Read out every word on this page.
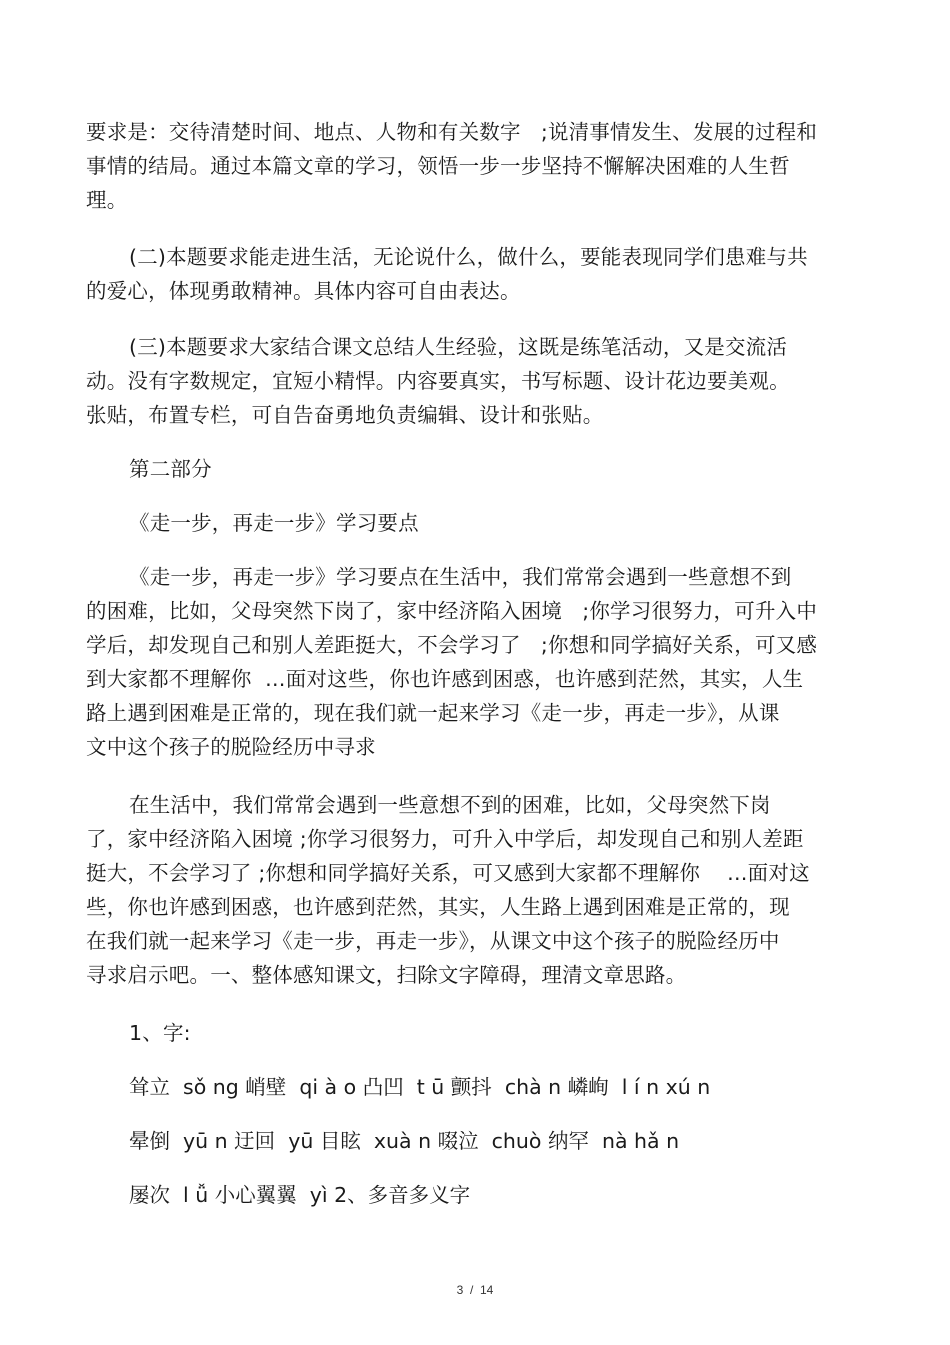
要求是：交待清楚时间、地点、人物和有关数字   ;说清事情发生、发展的过程和
事情的结局。通过本篇文章的学习，领悟一步一步坚持不懈解决困难的人生哲
理。
(二)本题要求能走进生活，无论说什么，做什么，要能表现同学们患难与共
的爱心，体现勇敢精神。具体内容可自由表达。
(三)本题要求大家结合课文总结人生经验，这既是练笔活动，又是交流活
动。没有字数规定，宜短小精悍。内容要真实，书写标题、设计花边要美观。
张贴，布置专栏，可自告奋勇地负责编辑、设计和张贴。
第二部分
《走一步，再走一步》学习要点
《走一步，再走一步》学习要点在生活中，我们常常会遇到一些意想不到
的困难，比如，父母突然下岗了，家中经济陷入困境   ;你学习很努力，可升入中
学后，却发现自己和别人差距挺大，不会学习了   ;你想和同学搞好关系，可又感
到大家都不理解你  …面对这些，你也许感到困惑，也许感到茫然，其实，人生
路上遇到困难是正常的，现在我们就一起来学习《走一步，再走一步》，从课
文中这个孩子的脱险经历中寻求
在生活中，我们常常会遇到一些意想不到的困难，比如，父母突然下岗
了，家中经济陷入困境 ;你学习很努力，可升入中学后，却发现自己和别人差距
挺大，不会学习了 ;你想和同学搞好关系，可又感到大家都不理解你    …面对这
些，你也许感到困惑，也许感到茫然，其实，人生路上遇到困难是正常的，现
在我们就一起来学习《走一步，再走一步》，从课文中这个孩子的脱险经历中
寻求启示吧。一、整体感知课文，扫除文字障碍，理清文章思路。
1、字:
耸立  sǒ ng 峭壁  qi à o 凸凹  t ū 颤抖  chà n 嶙峋  l í n xú n
晕倒  yū n 迂回  yū 目眩  xuà n 啜泣  chuò 纳罕  nà hǎ n
屡次  l ǚ 小心翼翼  yì 2、多音多义字
3  /  14
